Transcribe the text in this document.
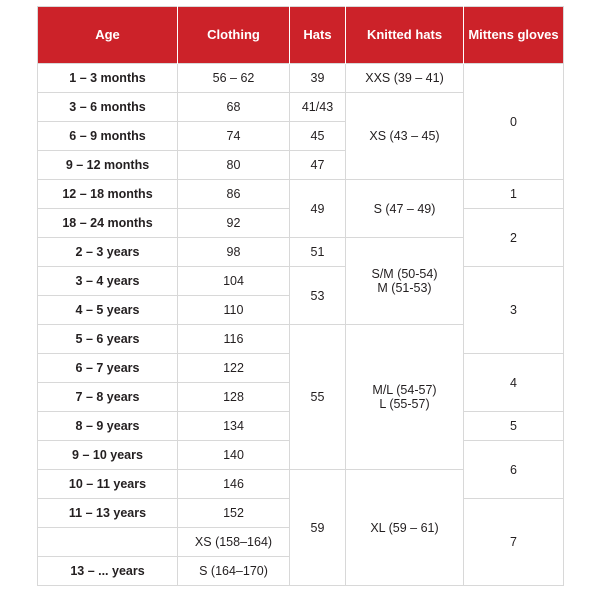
Age	Clothing	Hats	Knitted hats	Mittens gloves
1 – 3 months	56 – 62	39	XXS (39 – 41)	0
3 – 6 months	68	41/43	XS (43 – 45)	
6 – 9 months	74	45		
9 – 12 months	80	47		
12 – 18 months	86	49	S (47 – 49)	1
18 – 24 months	92			2
2 – 3 years	98	51	S/M (50-54)
M (51-53)	
3 – 4 years	104	53		3
4 – 5 years	110			
5 – 6 years	116	55	M/L (54-57)
L (55-57)	
6 – 7 years	122			4
7 – 8 years	128			
8 – 9 years	134			5
9 – 10 years	140			6
10 – 11 years	146	59	XL (59 – 61)	
11 – 13 years	152			7
	XS (158–164)			
13 – ... years	S (164–170)			
